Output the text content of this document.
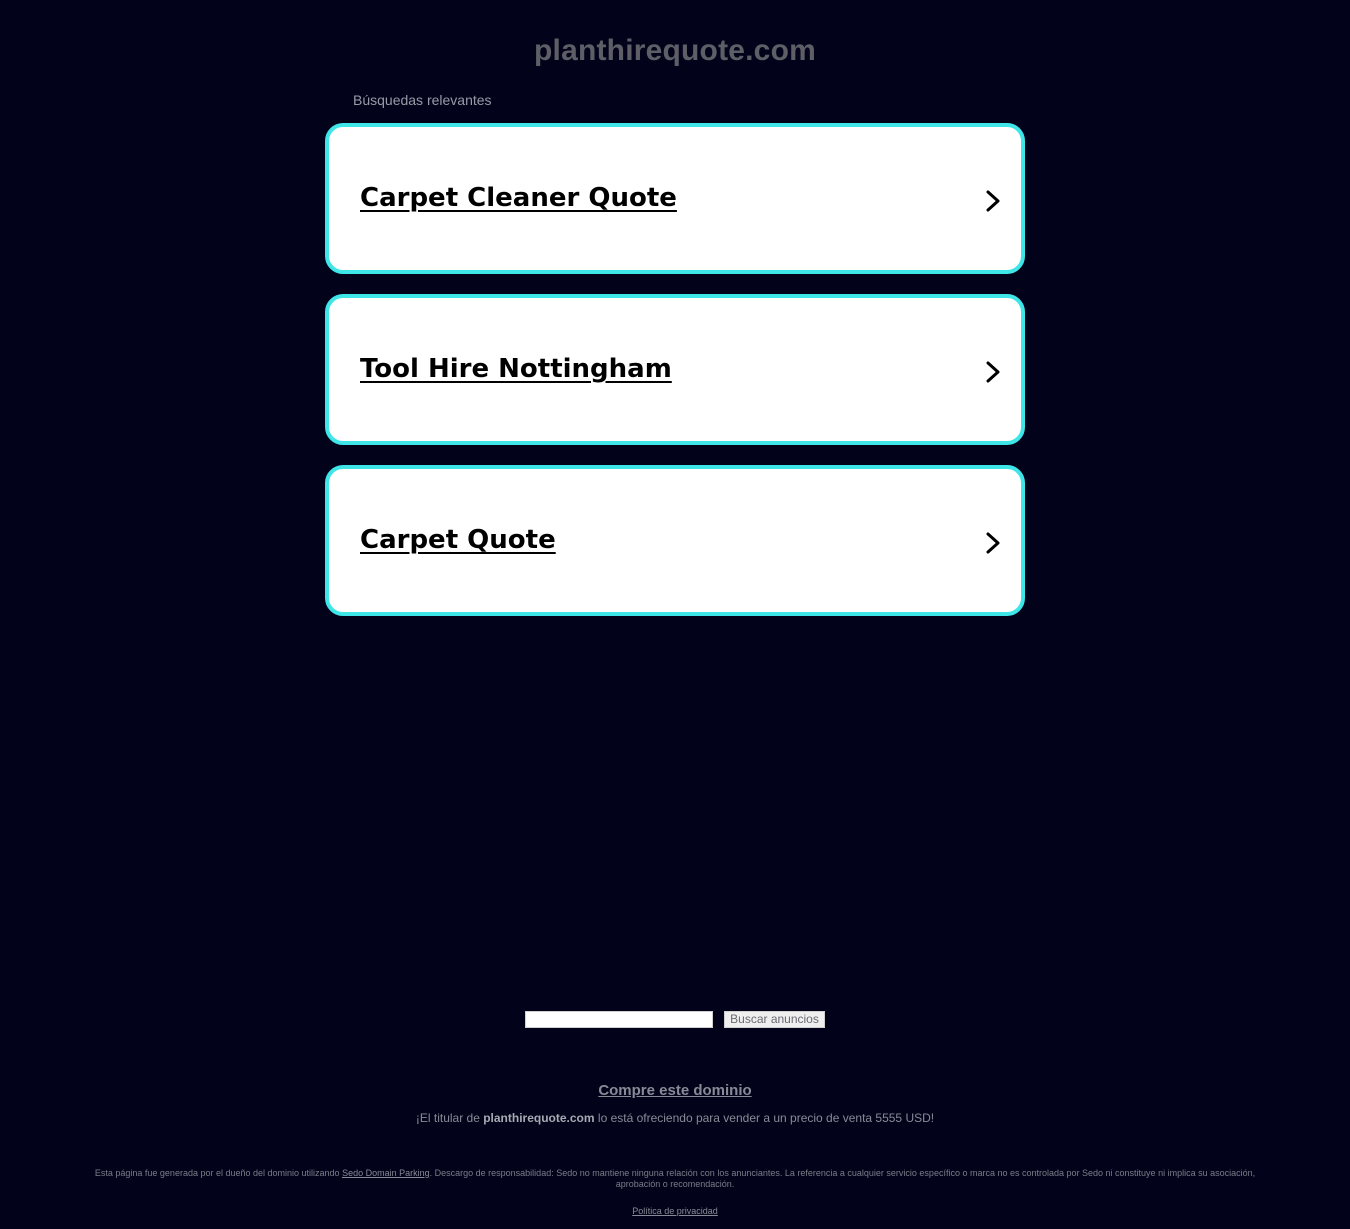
planthirequote.com
Búsquedas relevantes
Carpet Cleaner Quote
Tool Hire Nottingham
Carpet Quote
Buscar anuncios
Compre este dominio
¡El titular de planthirequote.com lo está ofreciendo para vender a un precio de venta 5555 USD!
Esta página fue generada por el dueño del dominio utilizando Sedo Domain Parking. Descargo de responsabilidad: Sedo no mantiene ninguna relación con los anunciantes. La referencia a cualquier servicio específico o marca no es controlada por Sedo ni constituye ni implica su asociación, aprobación o recomendación.
Política de privacidad
